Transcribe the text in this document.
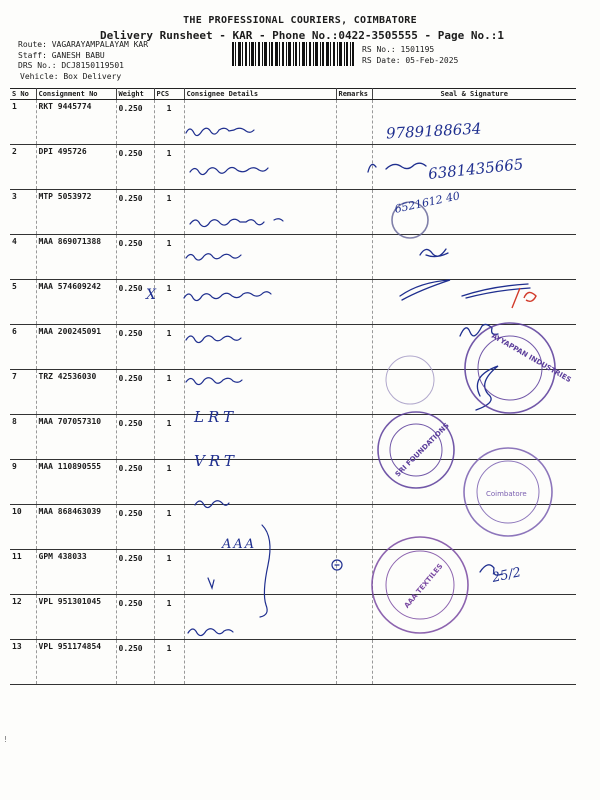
THE PROFESSIONAL COURIERS, COIMBATORE
Delivery Runsheet - KAR - Phone No.:0422-3505555 - Page No.:1
Route: VAGARAYAMPALAYAM KAR
Staff: GANESH BABU
DRS No.: DCJ8150119501
Vehicle: Box Delivery
RS No.: 1501195
RS Date: 05-Feb-2025
S No	Consignment No	Weight	PCS	Consignee Details	Remarks	Seal & Signature
1	RKT 9445774	0.250	1			
2	DPI 495726	0.250	1			
3	MTP 5053972	0.250	1			
4	MAA 869071388	0.250	1			
5	MAA 574609242	0.250	1			
6	MAA 200245091	0.250	1			
7	TRZ 42536030	0.250	1			
8	MAA 707057310	0.250	1			
9	MAA 110890555	0.250	1			
10	MAA 868463039	0.250	1			
11	GPM 438033	0.250	1			
12	VPL 951301045	0.250	1			
13	VPL 951174854	0.250	1			
9789188634
6381435665
6521612 40
LRT
VRT
AAA
25/2
X
AYYAPPAN INDUSTRIES
SRI FOUNDATIONS
Coimbatore
AAA TEXTILES
!
